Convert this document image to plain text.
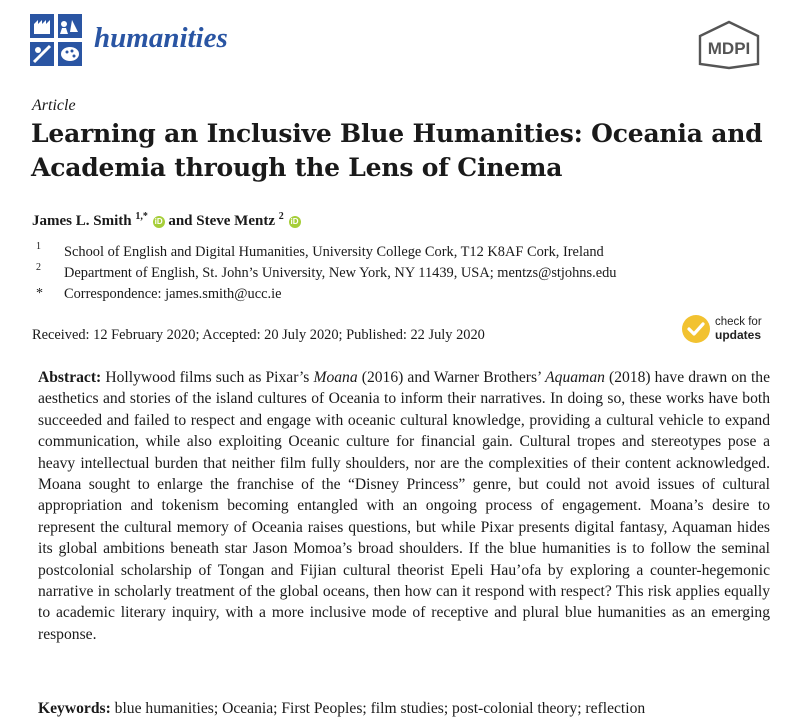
humanities	MDPI
Article
Learning an Inclusive Blue Humanities: Oceania and Academia through the Lens of Cinema
James L. Smith $^{1,*}$ iD and Steve Mentz $^2$ iD
1 School of English and Digital Humanities, University College Cork, T12 K8AF Cork, Ireland
2 Department of English, St. John’s University, New York, NY 11439, USA; mentzs@stjohns.edu
* Correspondence: james.smith@ucc.ie
Received: 12 February 2020; Accepted: 20 July 2020; Published: 22 July 2020
check for
updates

Abstract: Hollywood films such as Pixar’s Moana (2016) and Warner Brothers’ Aquaman (2018) have drawn on the aesthetics and stories of the island cultures of Oceania to inform their narratives. In doing so, these works have both succeeded and failed to respect and engage with oceanic cultural knowledge, providing a cultural vehicle to expand communication, while also exploiting Oceanic culture for financial gain. Cultural tropes and stereotypes pose a heavy intellectual burden that neither film fully shoulders, nor are the complexities of their content acknowledged. Moana sought to enlarge the franchise of the “Disney Princess” genre, but could not avoid issues of cultural appropriation and tokenism becoming entangled with an ongoing process of engagement. Moana’s desire to represent the cultural memory of Oceania raises questions, but while Pixar presents digital fantasy, Aquaman hides its global ambitions beneath star Jason Momoa’s broad shoulders. If the blue humanities is to follow the seminal postcolonial scholarship of Tongan and Fijian cultural theorist Epeli Hau’ofa by exploring a counter-hegemonic narrative in scholarly treatment of the global oceans, then how can it respond with respect? This risk applies equally to academic literary inquiry, with a more inclusive mode of receptive and plural blue humanities as an emerging response.

Keywords: blue humanities; Oceania; First Peoples; film studies; post-colonial theory; reflection
